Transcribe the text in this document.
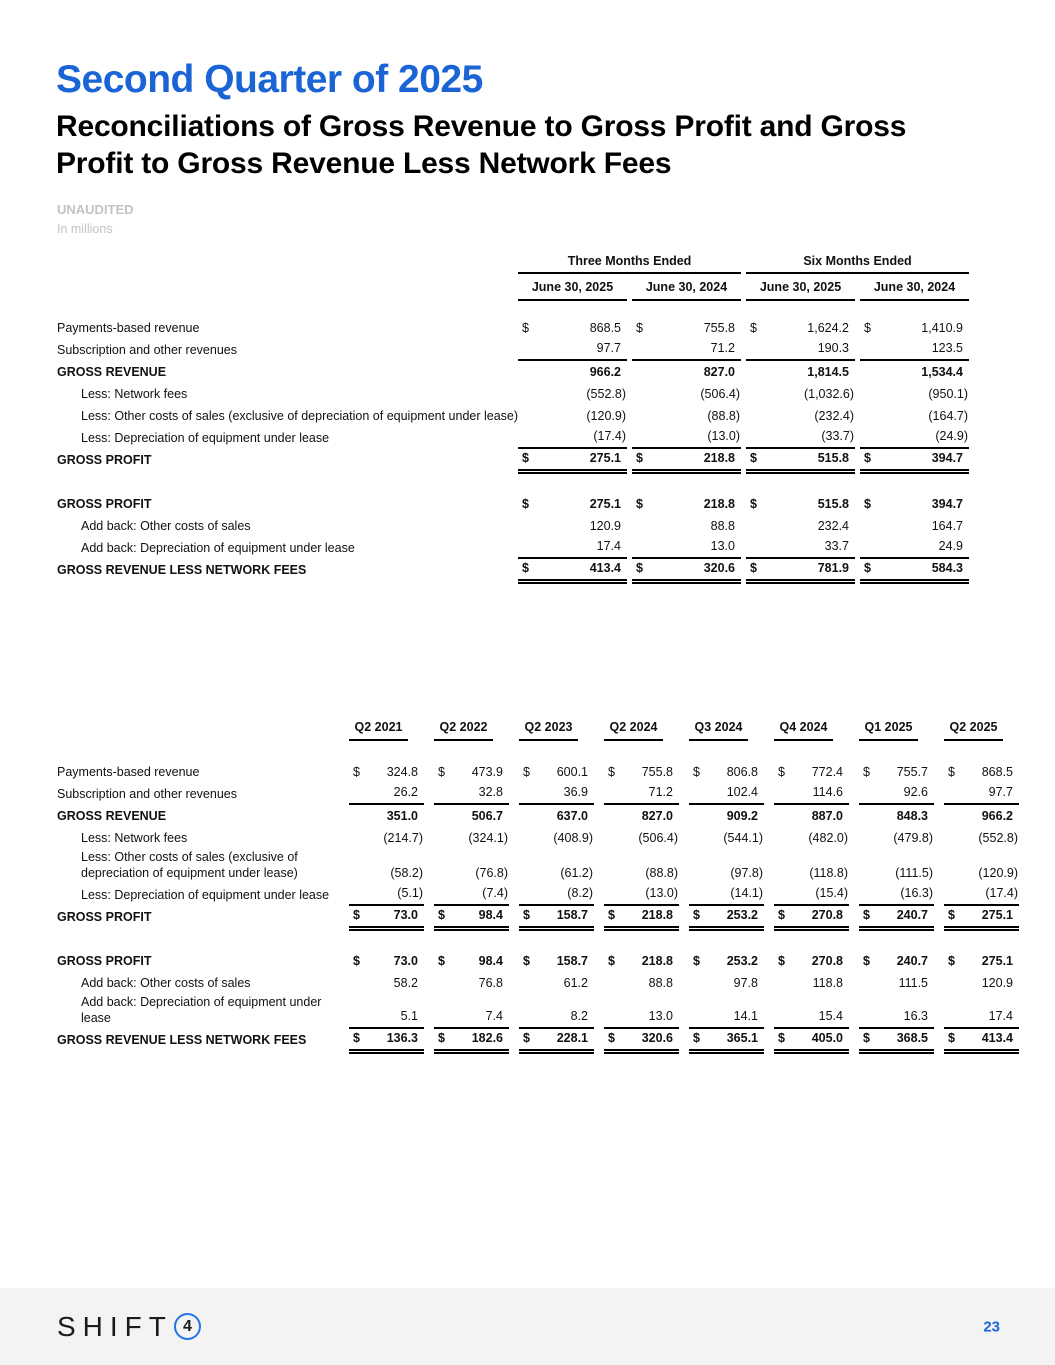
Second Quarter of 2025
Reconciliations of Gross Revenue to Gross Profit and Gross Profit to Gross Revenue Less Network Fees
UNAUDITED
In millions
Three Months Ended	Six Months Ended
June 30, 2025	June 30, 2024	June 30, 2025	June 30, 2024
Payments-based revenue	$	868.5	$	755.8	$	1,624.2	$	1,410.9
Subscription and other revenues	97.7	71.2	190.3	123.5
GROSS REVENUE	966.2	827.0	1,814.5	1,534.4
Less: Network fees	(552.8)	(506.4)	(1,032.6)	(950.1)
Less: Other costs of sales (exclusive of depreciation of equipment under lease)	(120.9)	(88.8)	(232.4)	(164.7)
Less: Depreciation of equipment under lease	(17.4)	(13.0)	(33.7)	(24.9)
GROSS PROFIT	$	275.1	$	218.8	$	515.8	$	394.7
GROSS PROFIT	$	275.1	$	218.8	$	515.8	$	394.7
Add back: Other costs of sales	120.9	88.8	232.4	164.7
Add back: Depreciation of equipment under lease	17.4	13.0	33.7	24.9
GROSS REVENUE LESS NETWORK FEES	$	413.4	$	320.6	$	781.9	$	584.3
Q2 2021	Q2 2022	Q2 2023	Q2 2024	Q3 2024	Q4 2024	Q1 2025	Q2 2025
Payments-based revenue	$ 324.8	$ 473.9	$ 600.1	$ 755.8	$ 806.8	$ 772.4	$ 755.7	$ 868.5
Subscription and other revenues	26.2	32.8	36.9	71.2	102.4	114.6	92.6	97.7
GROSS REVENUE	351.0	506.7	637.0	827.0	909.2	887.0	848.3	966.2
Less: Network fees	(214.7)	(324.1)	(408.9)	(506.4)	(544.1)	(482.0)	(479.8)	(552.8)
Less: Other costs of sales (exclusive of depreciation of equipment under lease)	(58.2)	(76.8)	(61.2)	(88.8)	(97.8)	(118.8)	(111.5)	(120.9)
Less: Depreciation of equipment under lease	(5.1)	(7.4)	(8.2)	(13.0)	(14.1)	(15.4)	(16.3)	(17.4)
GROSS PROFIT	$	73.0	$	98.4	$ 158.7	$ 218.8	$ 253.2	$ 270.8	$ 240.7	$ 275.1
GROSS PROFIT	$	73.0	$	98.4	$ 158.7	$ 218.8	$ 253.2	$ 270.8	$ 240.7	$ 275.1
Add back: Other costs of sales	58.2	76.8	61.2	88.8	97.8	118.8	111.5	120.9
Add back: Depreciation of equipment under lease	5.1	7.4	8.2	13.0	14.1	15.4	16.3	17.4
GROSS REVENUE LESS NETWORK FEES	$ 136.3	$ 182.6	$ 228.1	$ 320.6	$ 365.1	$ 405.0	$ 368.5	$ 413.4
SHIFT 4	23
